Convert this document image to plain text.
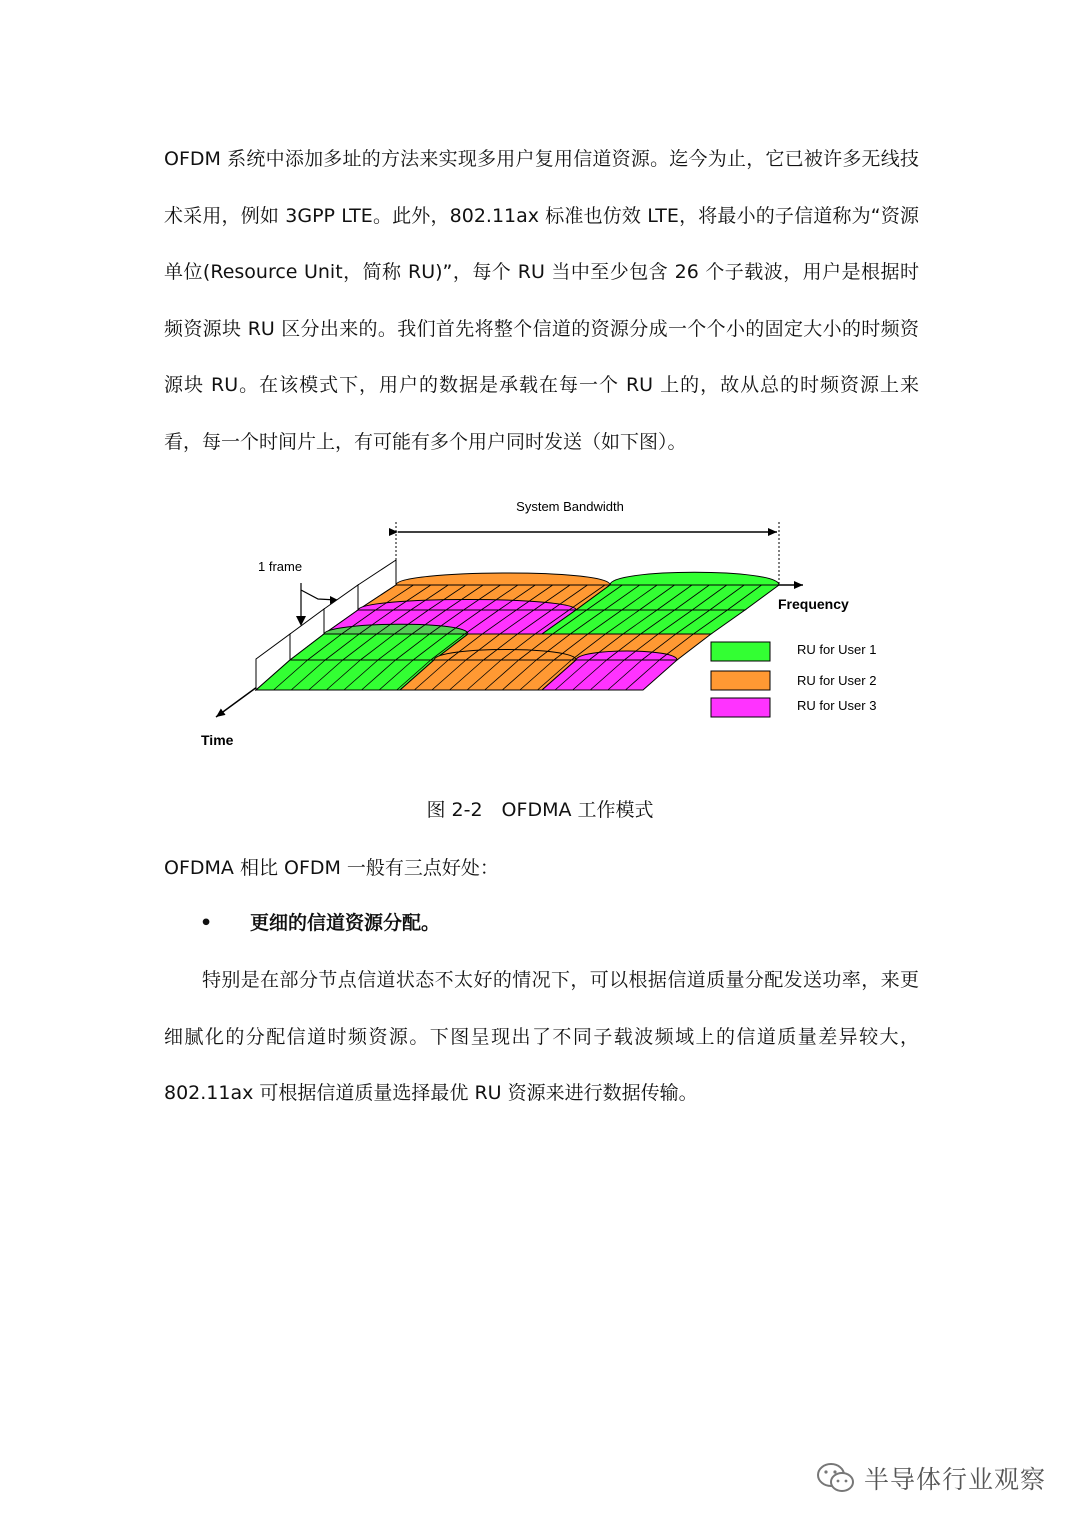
OFDM 系统中添加多址的方法来实现多用户复用信道资源。迄今为止，它已被许多无线技术采用，例如 3GPP LTE。此外，802.11ax 标准也仿效 LTE，将最小的子信道称为“资源单位(Resource Unit，简称 RU)”，每个 RU 当中至少包含 26 个子载波，用户是根据时频资源块 RU 区分出来的。我们首先将整个信道的资源分成一个个小的固定大小的时频资源块 RU。在该模式下，用户的数据是承载在每一个 RU 上的，故从总的时频资源上来看，每一个时间片上，有可能有多个用户同时发送（如下图）。

System Bandwidth
1 frame
Frequency
Time
RU for User 1
RU for User 2
RU for User 3
图 2-2　OFDMA 工作模式

OFDMA 相比 OFDM 一般有三点好处：

• 更细的信道资源分配。

特别是在部分节点信道状态不太好的情况下，可以根据信道质量分配发送功率，来更细腻化的分配信道时频资源。下图呈现出了不同子载波频域上的信道质量差异较大，802.11ax 可根据信道质量选择最优 RU 资源来进行数据传输。

半导体行业观察
